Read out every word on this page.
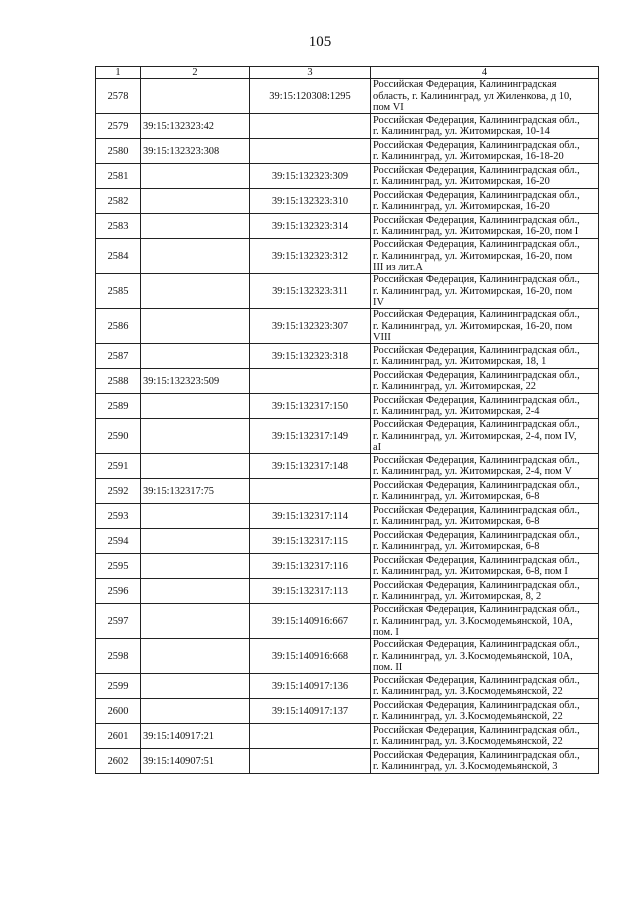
105
1	2	3	4
2578		39:15:120308:1295	Российская Федерация, Калининградская
область, г. Калининград, ул Жиленкова, д 10,
пом VI

2579	39:15:132323:42		Российская Федерация, Калининградская обл.,
г. Калининград, ул. Житомирская, 10-14

2580	39:15:132323:308		Российская Федерация, Калининградская обл.,
г. Калининград, ул. Житомирская, 16-18-20

2581		39:15:132323:309	Российская Федерация, Калининградская обл.,
г. Калининград, ул. Житомирская, 16-20

2582		39:15:132323:310	Российская Федерация, Калининградская обл.,
г. Калининград, ул. Житомирская, 16-20

2583		39:15:132323:314	Российская Федерация, Калининградская обл.,
г. Калининград, ул. Житомирская, 16-20, пом I

2584		39:15:132323:312	Российская Федерация, Калининградская обл.,
г. Калининград, ул. Житомирская, 16-20, пом
III из лит.А

2585		39:15:132323:311	Российская Федерация, Калининградская обл.,
г. Калининград, ул. Житомирская, 16-20, пом
IV

2586		39:15:132323:307	Российская Федерация, Калининградская обл.,
г. Калининград, ул. Житомирская, 16-20, пом
VIII

2587		39:15:132323:318	Российская Федерация, Калининградская обл.,
г. Калининград, ул. Житомирская, 18, 1

2588	39:15:132323:509		Российская Федерация, Калининградская обл.,
г. Калининград, ул. Житомирская, 22

2589		39:15:132317:150	Российская Федерация, Калининградская обл.,
г. Калининград, ул. Житомирская, 2-4

2590		39:15:132317:149	Российская Федерация, Калининградская обл.,
г. Калининград, ул. Житомирская, 2-4, пом IV,
aI

2591		39:15:132317:148	Российская Федерация, Калининградская обл.,
г. Калининград, ул. Житомирская, 2-4, пом V

2592	39:15:132317:75		Российская Федерация, Калининградская обл.,
г. Калининград, ул. Житомирская, 6-8

2593		39:15:132317:114	Российская Федерация, Калининградская обл.,
г. Калининград, ул. Житомирская, 6-8

2594		39:15:132317:115	Российская Федерация, Калининградская обл.,
г. Калининград, ул. Житомирская, 6-8

2595		39:15:132317:116	Российская Федерация, Калининградская обл.,
г. Калининград, ул. Житомирская, 6-8, пом I

2596		39:15:132317:113	Российская Федерация, Калининградская обл.,
г. Калининград, ул. Житомирская, 8, 2

2597		39:15:140916:667	Российская Федерация, Калининградская обл.,
г. Калининград, ул. З.Космодемьянской, 10А,
пом. I

2598		39:15:140916:668	Российская Федерация, Калининградская обл.,
г. Калининград, ул. З.Космодемьянской, 10А,
пом. II

2599		39:15:140917:136	Российская Федерация, Калининградская обл.,
г. Калининград, ул. З.Космодемьянской, 22

2600		39:15:140917:137	Российская Федерация, Калининградская обл.,
г. Калининград, ул. З.Космодемьянской, 22

2601	39:15:140917:21		Российская Федерация, Калининградская обл.,
г. Калининград, ул. З.Космодемьянской, 22

2602	39:15:140907:51		Российская Федерация, Калининградская обл.,
г. Калининград, ул. З.Космодемьянской, 3
